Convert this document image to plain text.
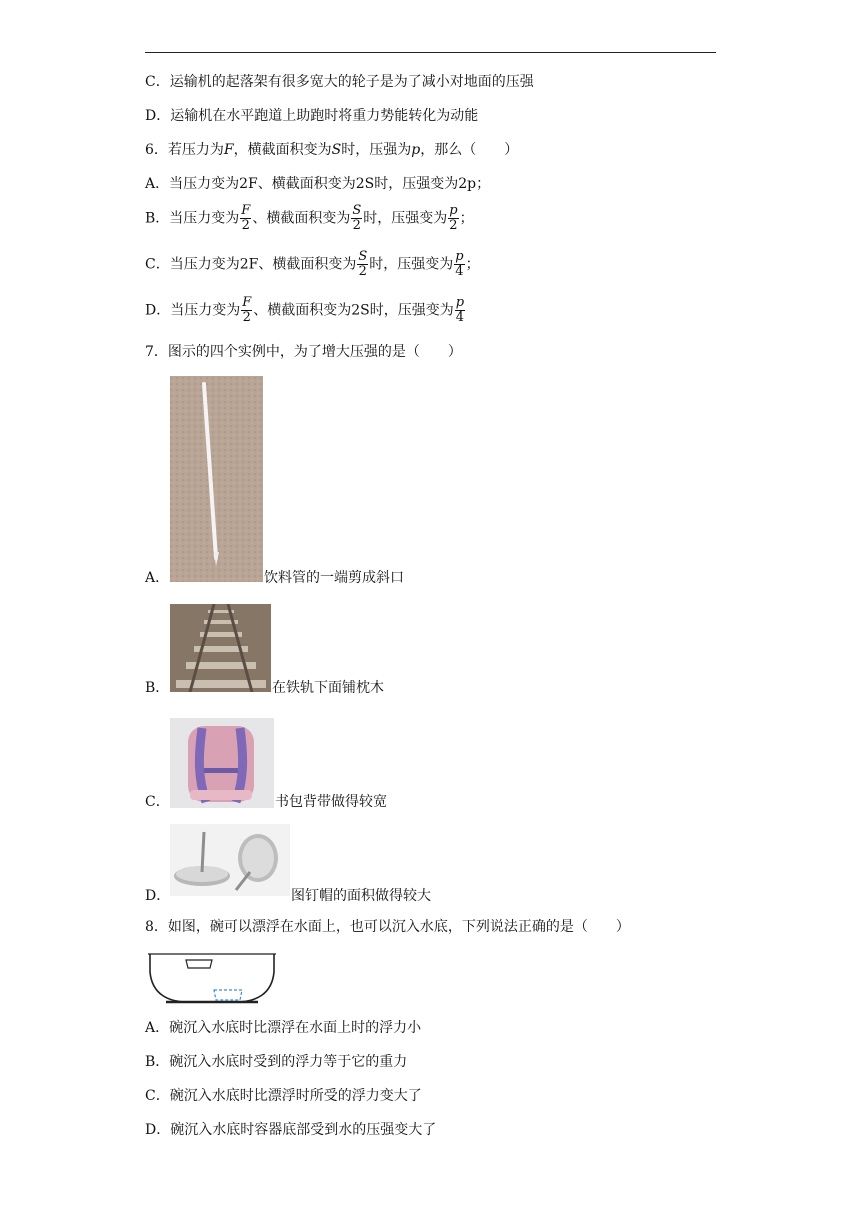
C．运输机的起落架有很多宽大的轮子是为了减小对地面的压强
D．运输机在水平跑道上助跑时将重力势能转化为动能
6．若压力为F，横截面积变为S时，压强为p，那么（　　）
A．当压力变为2F、横截面积变为2S时，压强变为2p；
B．当压力变为 $\frac{F}{2}$ 、横截面积变为 $\frac{S}{2}$ 时，压强变为 $\frac{p}{2}$ ；
C．当压力变为2F、横截面积变为 $\frac{S}{2}$ 时，压强变为 $\frac{p}{4}$ ；
D．当压力变为 $\frac{F}{2}$ 、横截面积变为2S时，压强变为 $\frac{p}{4}$
7．图示的四个实例中，为了增大压强的是（　　）
A．	饮料管的一端剪成斜口
B．	在铁轨下面铺枕木
C．	书包背带做得较宽
D．	图钉帽的面积做得较大
8．如图，碗可以漂浮在水面上，也可以沉入水底，下列说法正确的是（　　）
A．碗沉入水底时比漂浮在水面上时的浮力小
B．碗沉入水底时受到的浮力等于它的重力
C．碗沉入水底时比漂浮时所受的浮力变大了
D．碗沉入水底时容器底部受到水的压强变大了
